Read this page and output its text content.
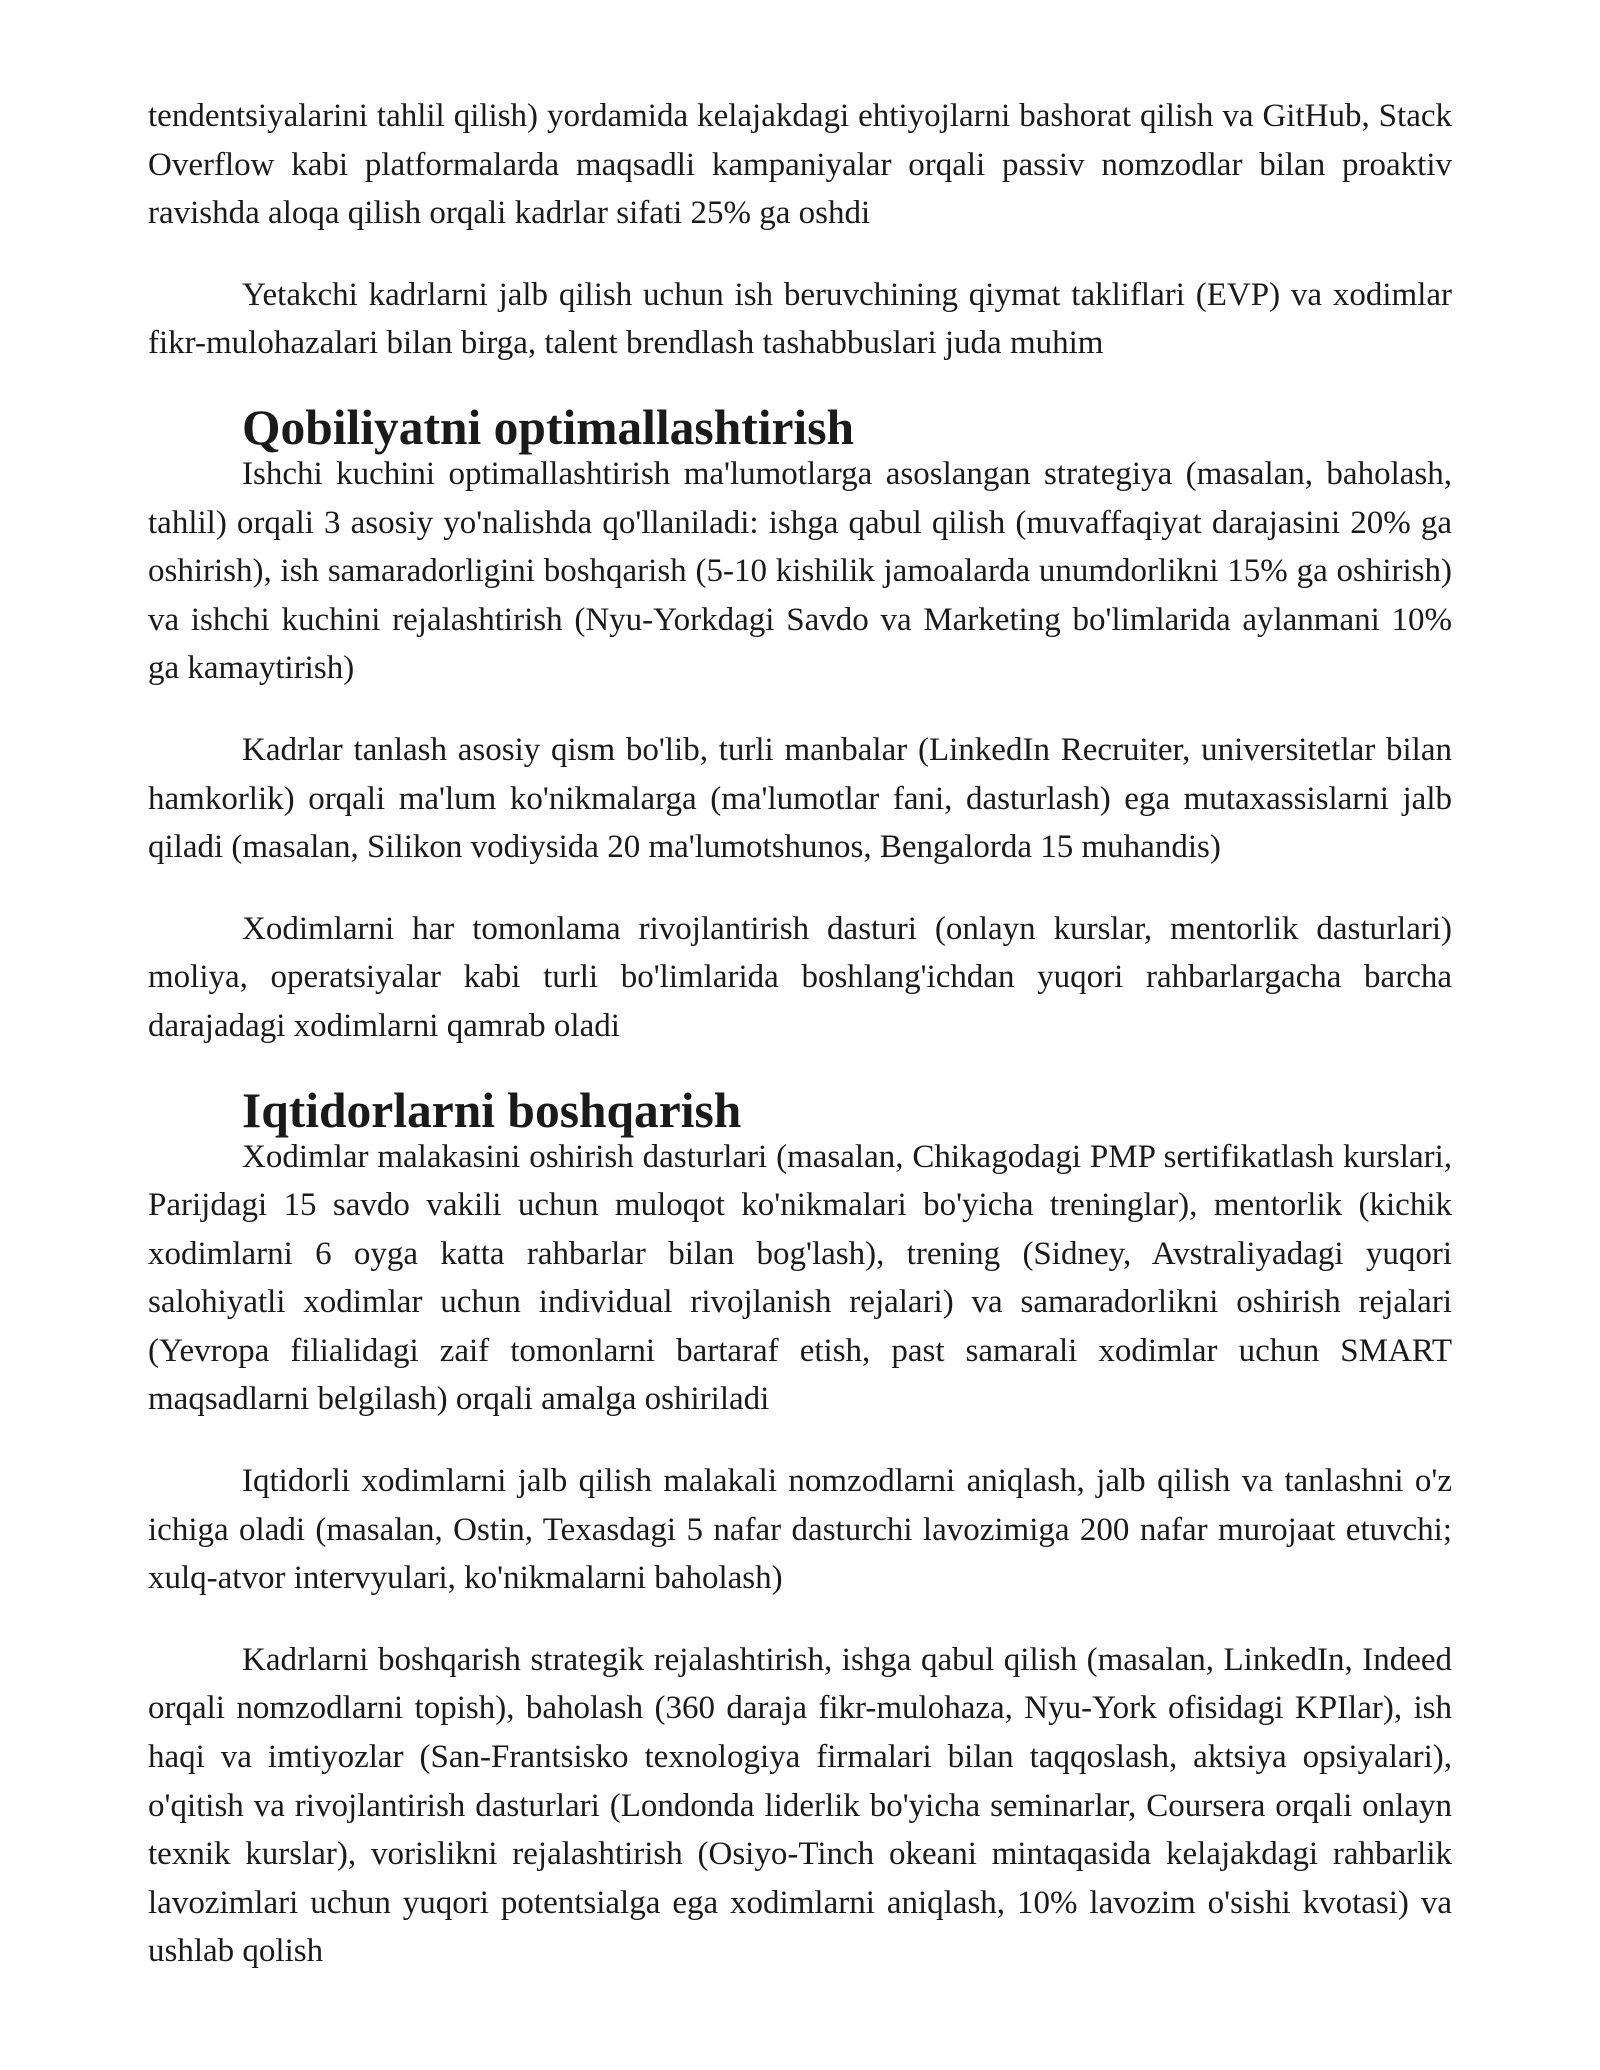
tendentsiyalarini tahlil qilish) yordamida kelajakdagi ehtiyojlarni bashorat qilish va GitHub, Stack Overflow kabi platformalarda maqsadli kampaniyalar orqali passiv nomzodlar bilan proaktiv ravishda aloqa qilish orqali kadrlar sifati 25% ga oshdi

Yetakchi kadrlarni jalb qilish uchun ish beruvchining qiymat takliflari (EVP) va xodimlar fikr-mulohazalari bilan birga, talent brendlash tashabbuslari juda muhim

Qobiliyatni optimallashtirish

Ishchi kuchini optimallashtirish ma'lumotlarga asoslangan strategiya (masalan, baholash, tahlil) orqali 3 asosiy yo'nalishda qo'llaniladi: ishga qabul qilish (muvaffaqiyat darajasini 20% ga oshirish), ish samaradorligini boshqarish (5-10 kishilik jamoalarda unumdorlikni 15% ga oshirish) va ishchi kuchini rejalashtirish (Nyu-Yorkdagi Savdo va Marketing bo'limlarida aylanmani 10% ga kamaytirish)

Kadrlar tanlash asosiy qism bo'lib, turli manbalar (LinkedIn Recruiter, universitetlar bilan hamkorlik) orqali ma'lum ko'nikmalarga (ma'lumotlar fani, dasturlash) ega mutaxassislarni jalb qiladi (masalan, Silikon vodiysida 20 ma'lumotshunos, Bengalorda 15 muhandis)

Xodimlarni har tomonlama rivojlantirish dasturi (onlayn kurslar, mentorlik dasturlari) moliya, operatsiyalar kabi turli bo'limlarida boshlang'ichdan yuqori rahbarlargacha barcha darajadagi xodimlarni qamrab oladi

Iqtidorlarni boshqarish

Xodimlar malakasini oshirish dasturlari (masalan, Chikagodagi PMP sertifikatlash kurslari, Parijdagi 15 savdo vakili uchun muloqot ko'nikmalari bo'yicha treninglar), mentorlik (kichik xodimlarni 6 oyga katta rahbarlar bilan bog'lash), trening (Sidney, Avstraliyadagi yuqori salohiyatli xodimlar uchun individual rivojlanish rejalari) va samaradorlikni oshirish rejalari (Yevropa filialidagi zaif tomonlarni bartaraf etish, past samarali xodimlar uchun SMART maqsadlarni belgilash) orqali amalga oshiriladi

Iqtidorli xodimlarni jalb qilish malakali nomzodlarni aniqlash, jalb qilish va tanlashni o'z ichiga oladi (masalan, Ostin, Texasdagi 5 nafar dasturchi lavozimiga 200 nafar murojaat etuvchi; xulq-atvor intervyulari, ko'nikmalarni baholash)

Kadrlarni boshqarish strategik rejalashtirish, ishga qabul qilish (masalan, LinkedIn, Indeed orqali nomzodlarni topish), baholash (360 daraja fikr-mulohaza, Nyu-York ofisidagi KPIlar), ish haqi va imtiyozlar (San-Frantsisko texnologiya firmalari bilan taqqoslash, aktsiya opsiyalari), o'qitish va rivojlantirish dasturlari (Londonda liderlik bo'yicha seminarlar, Coursera orqali onlayn texnik kurslar), vorislikni rejalashtirish (Osiyo-Tinch okeani mintaqasida kelajakdagi rahbarlik lavozimlari uchun yuqori potentsialga ega xodimlarni aniqlash, 10% lavozim o'sishi kvotasi) va ushlab qolish
